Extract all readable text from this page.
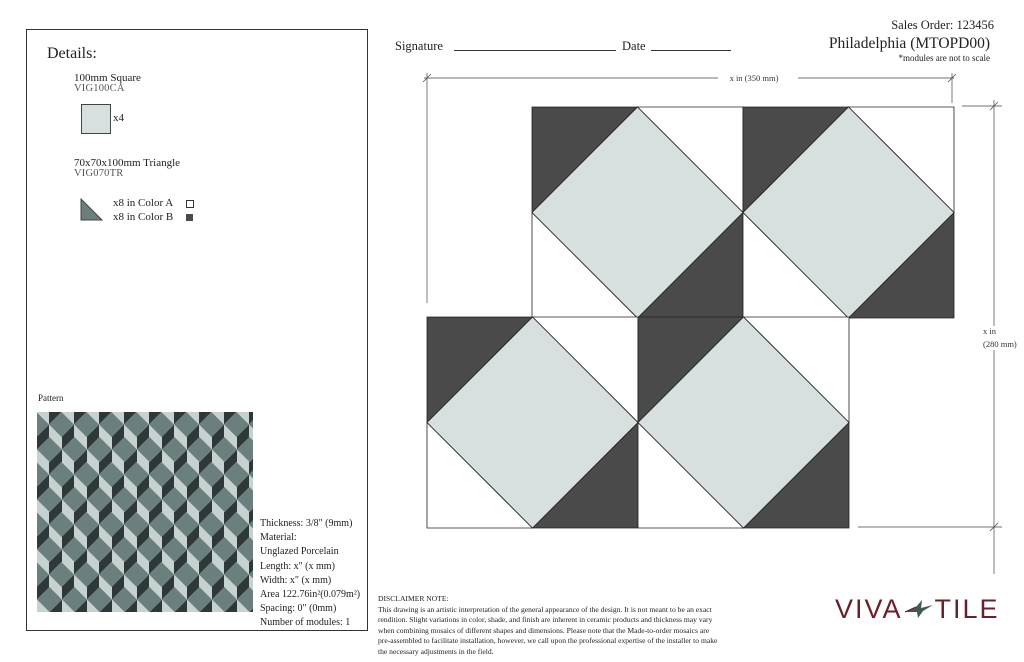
Details:
100mm Square
VIG100CA
x4
70x70x100mm Triangle
VIG070TR
x8 in Color A
x8 in Color B
Pattern
Thickness: 3/8" (9mm)
Material:
Unglazed Porcelain
Length: x" (x mm)
Width: x" (x mm)
Area 122.76in²(0.079m²)
Spacing: 0" (0mm)
Number of modules: 1
Signature	Date
Sales Order: 123456
Philadelphia (MTOPD00)
*modules are not to scale
x in (350 mm)
x in
(280 mm)
DISCLAIMER NOTE:
This drawing is an artistic interpretation of the general appearance of the design. It is not meant to be an exact
rendition. Slight variations in color, shade, and finish are inherent in ceramic products and thickness may vary
when combining mosaics of different shapes and dimensions. Please note that the Made-to-order mosaics are
pre-assembled to facilitate installation, however, we call upon the professional expertise of the installer to make
the necessary adjustments in the field.
VIVA TILE
